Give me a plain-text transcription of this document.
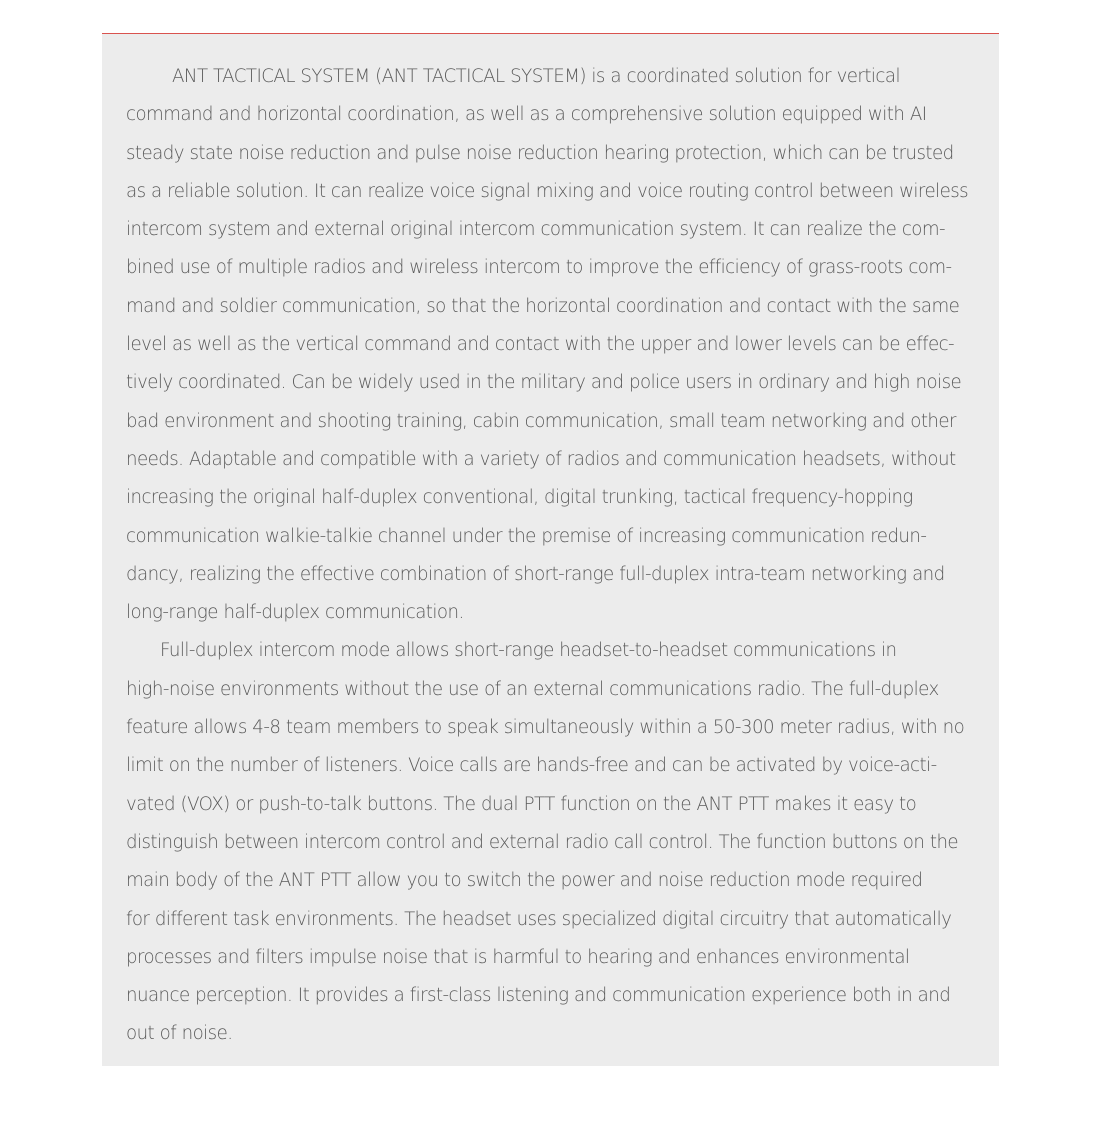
ANT TACTICAL SYSTEM (ANT TACTICAL SYSTEM) is a coordinated solution for vertical
command and horizontal coordination, as well as a comprehensive solution equipped with AI
steady state noise reduction and pulse noise reduction hearing protection, which can be trusted
as a reliable solution. It can realize voice signal mixing and voice routing control between wireless
intercom system and external original intercom communication system. It can realize the com-
bined use of multiple radios and wireless intercom to improve the efficiency of grass-roots com-
mand and soldier communication, so that the horizontal coordination and contact with the same
level as well as the vertical command and contact with the upper and lower levels can be effec-
tively coordinated. Can be widely used in the military and police users in ordinary and high noise
bad environment and shooting training, cabin communication, small team networking and other
needs. Adaptable and compatible with a variety of radios and communication headsets, without
increasing the original half-duplex conventional, digital trunking, tactical frequency-hopping
communication walkie-talkie channel under the premise of increasing communication redun-
dancy, realizing the effective combination of short-range full-duplex intra-team networking and
long-range half-duplex communication.
Full-duplex intercom mode allows short-range headset-to-headset communications in
high-noise environments without the use of an external communications radio. The full-duplex
feature allows 4-8 team members to speak simultaneously within a 50-300 meter radius, with no
limit on the number of listeners. Voice calls are hands-free and can be activated by voice-acti-
vated (VOX) or push-to-talk buttons. The dual PTT function on the ANT PTT makes it easy to
distinguish between intercom control and external radio call control. The function buttons on the
main body of the ANT PTT allow you to switch the power and noise reduction mode required
for different task environments. The headset uses specialized digital circuitry that automatically
processes and filters impulse noise that is harmful to hearing and enhances environmental
nuance perception. It provides a first-class listening and communication experience both in and
out of noise.
